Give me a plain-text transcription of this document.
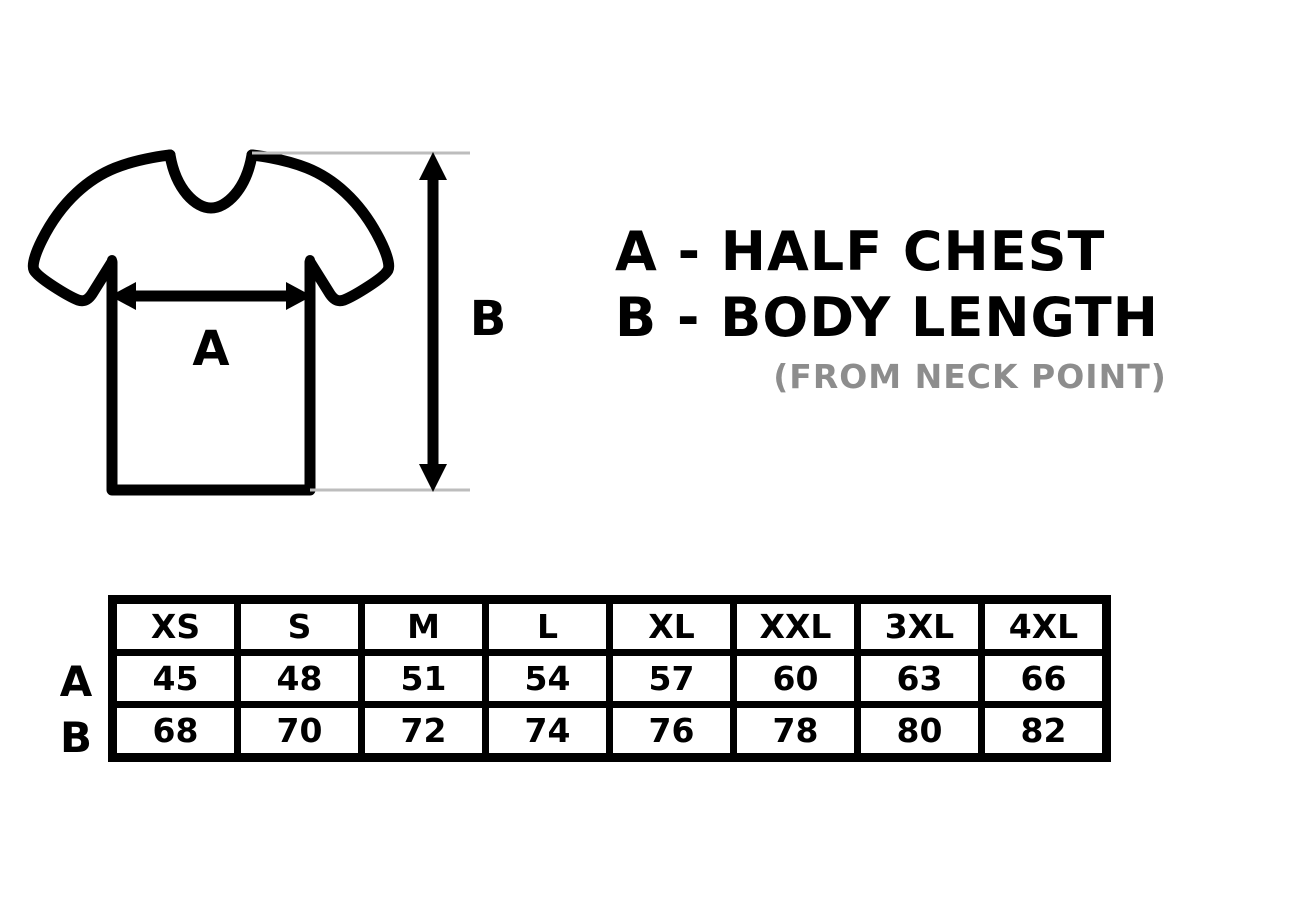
A
B
A - HALF CHEST
B - BODY LENGTH
(FROM NECK POINT)
A
B
XS	S	M	L	XL	XXL	3XL	4XL
45	48	51	54	57	60	63	66
68	70	72	74	76	78	80	82
